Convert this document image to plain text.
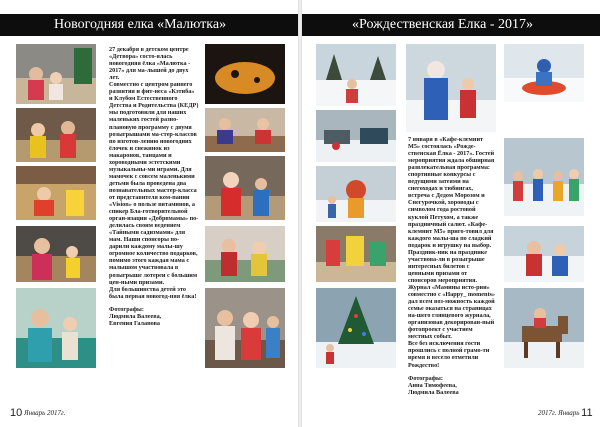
Новогодняя елка «Малютка»

27 декабря в детском центре «Детвора» состо-ялась новогодняя ёлка «Малютка - 2017» для ма-лышей до двух лет.

Совместно с центром раннего развития и фит-неса «Кэтиба» и Клубом Естественного Детства и Родительства (КЕДР) мы подготовили для наших маленьких гостей разно-плановую программу с двумя розыгрышами ма-стер-классов по изготов-лению новогодних ёлочек и снежинок из макаронов, танцами и хороводными эстетскими музыкальны-ми играми. Для мамочек с совсем маленькими детьми была проведена два познавательных мастер-класса от представителя ком-пании «Vision» о пользе витаминов, а спикер Бла-готворительной орган-изации «Добрвмамы» по-делилась своим ведением «Тайными садизмами» для мам. Наши спонсоры по-дарили каждому малы-шу огромное количество подарков, помимо этого каждая мама с малышом участвовала в розыгрыше лотереи с большим цен-ными призами.

Для большинства детей это была первая новогод-няя ёлка!

Фотографы:

Людмила Валеева,

Евгения Галанова

10 Январь 2017г.
«Рождественская Елка - 2017»

7 января в «Кафе-клемнит М5» состоялась «Рожде-ственская Ёлка - 2017». Гостей мероприятия ждала обширная развлекательная программа: спортивные конкурсы с ведущими затеями на снегоходах и тюбингах, встреча с Дедом Морозом и Снегурочкой, хороводы с символом года ростовой куклой Петухом, а также праздничный салют. «Кафе-клемнит М5» приго-товил для каждого малы-ша по сладкий подарок и игрушку на выбор. Праздник-ник на празднике участвова-ли в розыгрыше интересных билетов с ценными призами от спонсоров мероприятия.

Журнал «Мамины исто-рии» совместно с «Happy_ moments» дал всем воз-можность каждой семье оказаться на страницах на-шего глянцевого журнала, организовав декорирован-ный фотопроект с участием местных событ.

Все без исключения гости прошлись с полной грамо-ти время и весело отметили Рождество!

Фотографы:

Анна Тимофеева,

Людмила Валеева

2017г. Январь 11
